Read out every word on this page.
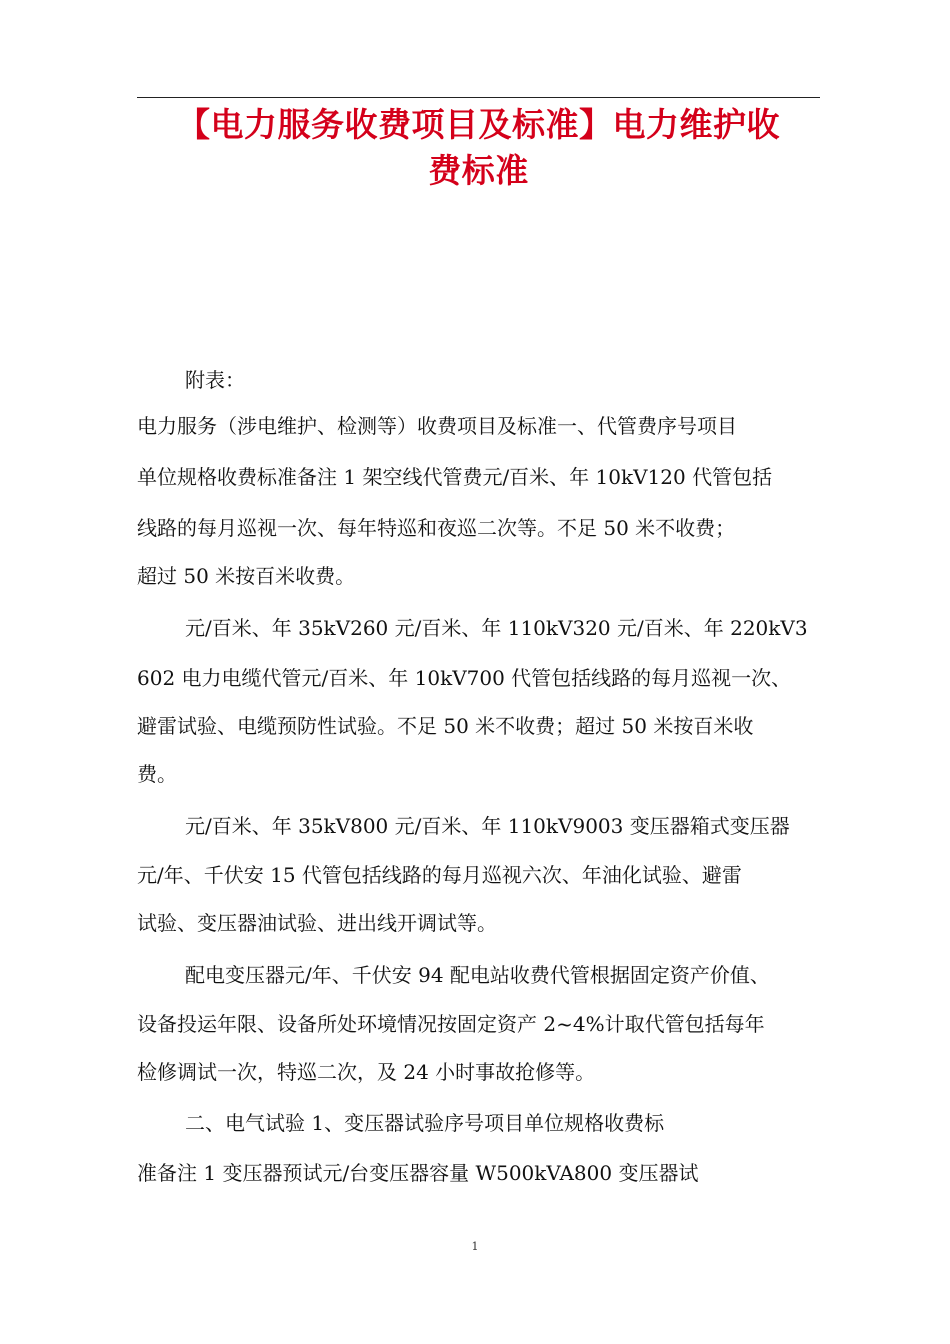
【电力服务收费项目及标准】电力维护收
费标准
附表：
电力服务（涉电维护、检测等）收费项目及标准一、代管费序号项目
单位规格收费标准备注 1 架空线代管费元/百米、年 10kV120 代管包括
线路的每月巡视一次、每年特巡和夜巡二次等。不足 50 米不收费；
超过 50 米按百米收费。
元/百米、年 35kV260 元/百米、年 110kV320 元/百米、年 220kV3
602 电力电缆代管元/百米、年 10kV700 代管包括线路的每月巡视一次、
避雷试验、电缆预防性试验。不足 50 米不收费；超过 50 米按百米收
费。
元/百米、年 35kV800 元/百米、年 110kV9003 变压器箱式变压器
元/年、千伏安 15 代管包括线路的每月巡视六次、年油化试验、避雷
试验、变压器油试验、进出线开调试等。
配电变压器元/年、千伏安 94 配电站收费代管根据固定资产价值、
设备投运年限、设备所处环境情况按固定资产 2~4%计取代管包括每年
检修调试一次，特巡二次，及 24 小时事故抢修等。
二、电气试验 1、变压器试验序号项目单位规格收费标
准备注 1 变压器预试元/台变压器容量 W500kVA800 变压器试
1
